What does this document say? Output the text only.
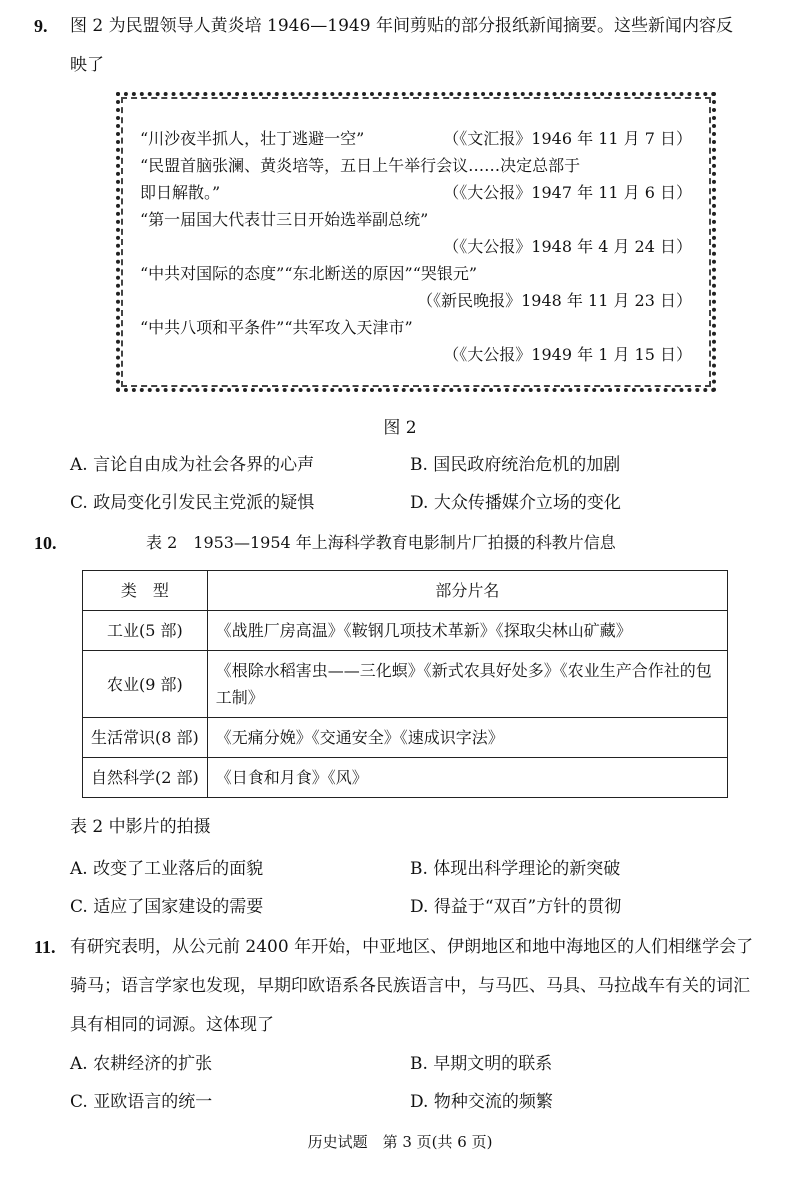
9. 图 2 为民盟领导人黄炎培 1946—1949 年间剪贴的部分报纸新闻摘要。这些新闻内容反
映了
“川沙夜半抓人，壮丁逃避一空”	（《文汇报》1946 年 11 月 7 日）
“民盟首脑张澜、黄炎培等，五日上午举行会议……决定总部于
即日解散。”	（《大公报》1947 年 11 月 6 日）
“第一届国大代表廿三日开始选举副总统”
（《大公报》1948 年 4 月 24 日）
“中共对国际的态度”“东北断送的原因”“哭银元”
（《新民晚报》1948 年 11 月 23 日）
“中共八项和平条件”“共军攻入天津市”
（《大公报》1949 年 1 月 15 日）
图 2
A. 言论自由成为社会各界的心声	B. 国民政府统治危机的加剧
C. 政局变化引发民主党派的疑惧	D. 大众传播媒介立场的变化
10.	表 2　1953—1954 年上海科学教育电影制片厂拍摄的科教片信息
类　型	部分片名
工业(5 部)	《战胜厂房高温》《鞍钢几项技术革新》《探取尖林山矿藏》
农业(9 部)	《根除水稻害虫——三化螟》《新式农具好处多》《农业生产合作社的包工制》
生活常识(8 部)	《无痛分娩》《交通安全》《速成识字法》
自然科学(2 部)	《日食和月食》《风》
表 2 中影片的拍摄
A. 改变了工业落后的面貌	B. 体现出科学理论的新突破
C. 适应了国家建设的需要	D. 得益于“双百”方针的贯彻
11. 有研究表明，从公元前 2400 年开始，中亚地区、伊朗地区和地中海地区的人们相继学会了
骑马；语言学家也发现，早期印欧语系各民族语言中，与马匹、马具、马拉战车有关的词汇
具有相同的词源。这体现了
A. 农耕经济的扩张	B. 早期文明的联系
C. 亚欧语言的统一	D. 物种交流的频繁
历史试题　第 3 页(共 6 页)
